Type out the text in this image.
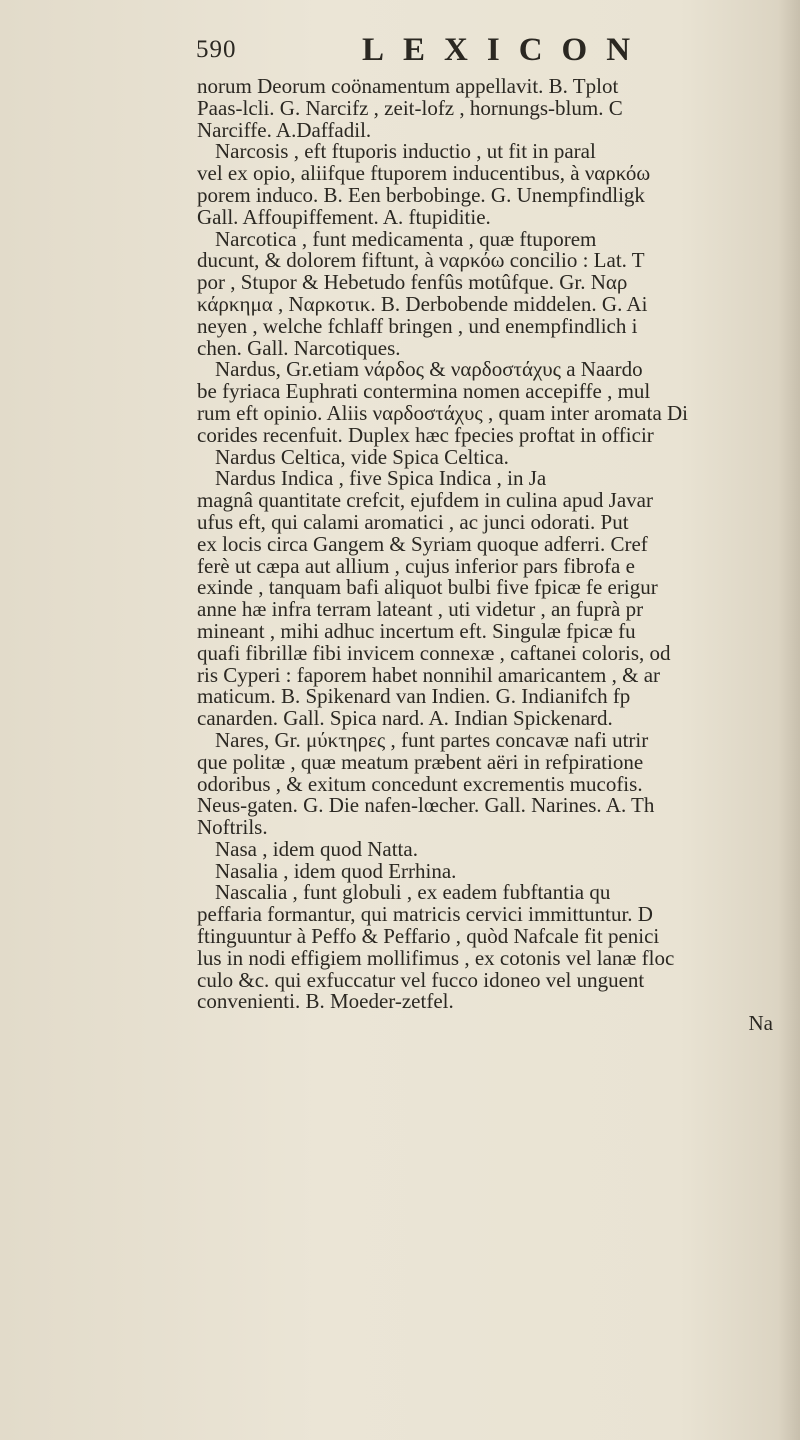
590	LEXICON
norum Deorum coönamentum appellavit. B. Tplot
Paas-lcli. G. Narcifz , zeit-lofz , hornungs-blum. C
Narciffe. A.Daffadil.
Narcosis , eft ftuporis inductio , ut fit in paral
vel ex opio, aliifque ftuporem inducentibus, à ναρκόω
porem induco. B. Een berbobinge. G. Unempfindligk
Gall. Affoupiffement. A. ftupiditie.
Narcotica , funt medicamenta , quæ ftuporem
ducunt, & dolorem fiftunt, à ναρκόω concilio : Lat. T
por , Stupor & Hebetudo fenfûs motûfque. Gr. Ναρ
κάρκημα , Ναρκοτικ. B. Derbobende middelen. G. Ai
neyen , welche fchlaff bringen , und enempfindlich i
chen. Gall. Narcotiques.
Nardus, Gr.etiam νάρδος & ναρδοστάχυς a Naardo
be fyriaca Euphrati contermina nomen accepiffe , mul
rum eft opinio. Aliis ναρδοστάχυς , quam inter aromata Di
corides recenfuit. Duplex hæc fpecies proftat in officir
Nardus Celtica, vide Spica Celtica.
Nardus Indica , five Spica Indica , in Ja
magnâ quantitate crefcit, ejufdem in culina apud Javar
ufus eft, qui calami aromatici , ac junci odorati. Put
ex locis circa Gangem & Syriam quoque adferri. Cref
ferè ut cæpa aut allium , cujus inferior pars fibrofa e
exinde , tanquam bafi aliquot bulbi five fpicæ fe erigur
anne hæ infra terram lateant , uti videtur , an fuprà pr
mineant , mihi adhuc incertum eft. Singulæ fpicæ fu
quafi fibrillæ fibi invicem connexæ , caftanei coloris, od
ris Cyperi : faporem habet nonnihil amaricantem , & ar
maticum. B. Spikenard van Indien. G. Indianifch fp
canarden. Gall. Spica nard. A. Indian Spickenard.
Nares, Gr. μύκτηρες , funt partes concavæ nafi utrir
que politæ , quæ meatum præbent aëri in refpiratione
odoribus , & exitum concedunt excrementis mucofis.
Neus-gaten. G. Die nafen-lœcher. Gall. Narines. A. Th
Noftrils.
Nasa , idem quod Natta.
Nasalia , idem quod Errhina.
Nascalia , funt globuli , ex eadem fubftantia qu
peffaria formantur, qui matricis cervici immittuntur. D
ftinguuntur à Peffo & Peffario , quòd Nafcale fit penici
lus in nodi effigiem mollifimus , ex cotonis vel lanæ floc
culo &c. qui exfuccatur vel fucco idoneo vel unguent
convenienti. B. Moeder-zetfel.
Na
